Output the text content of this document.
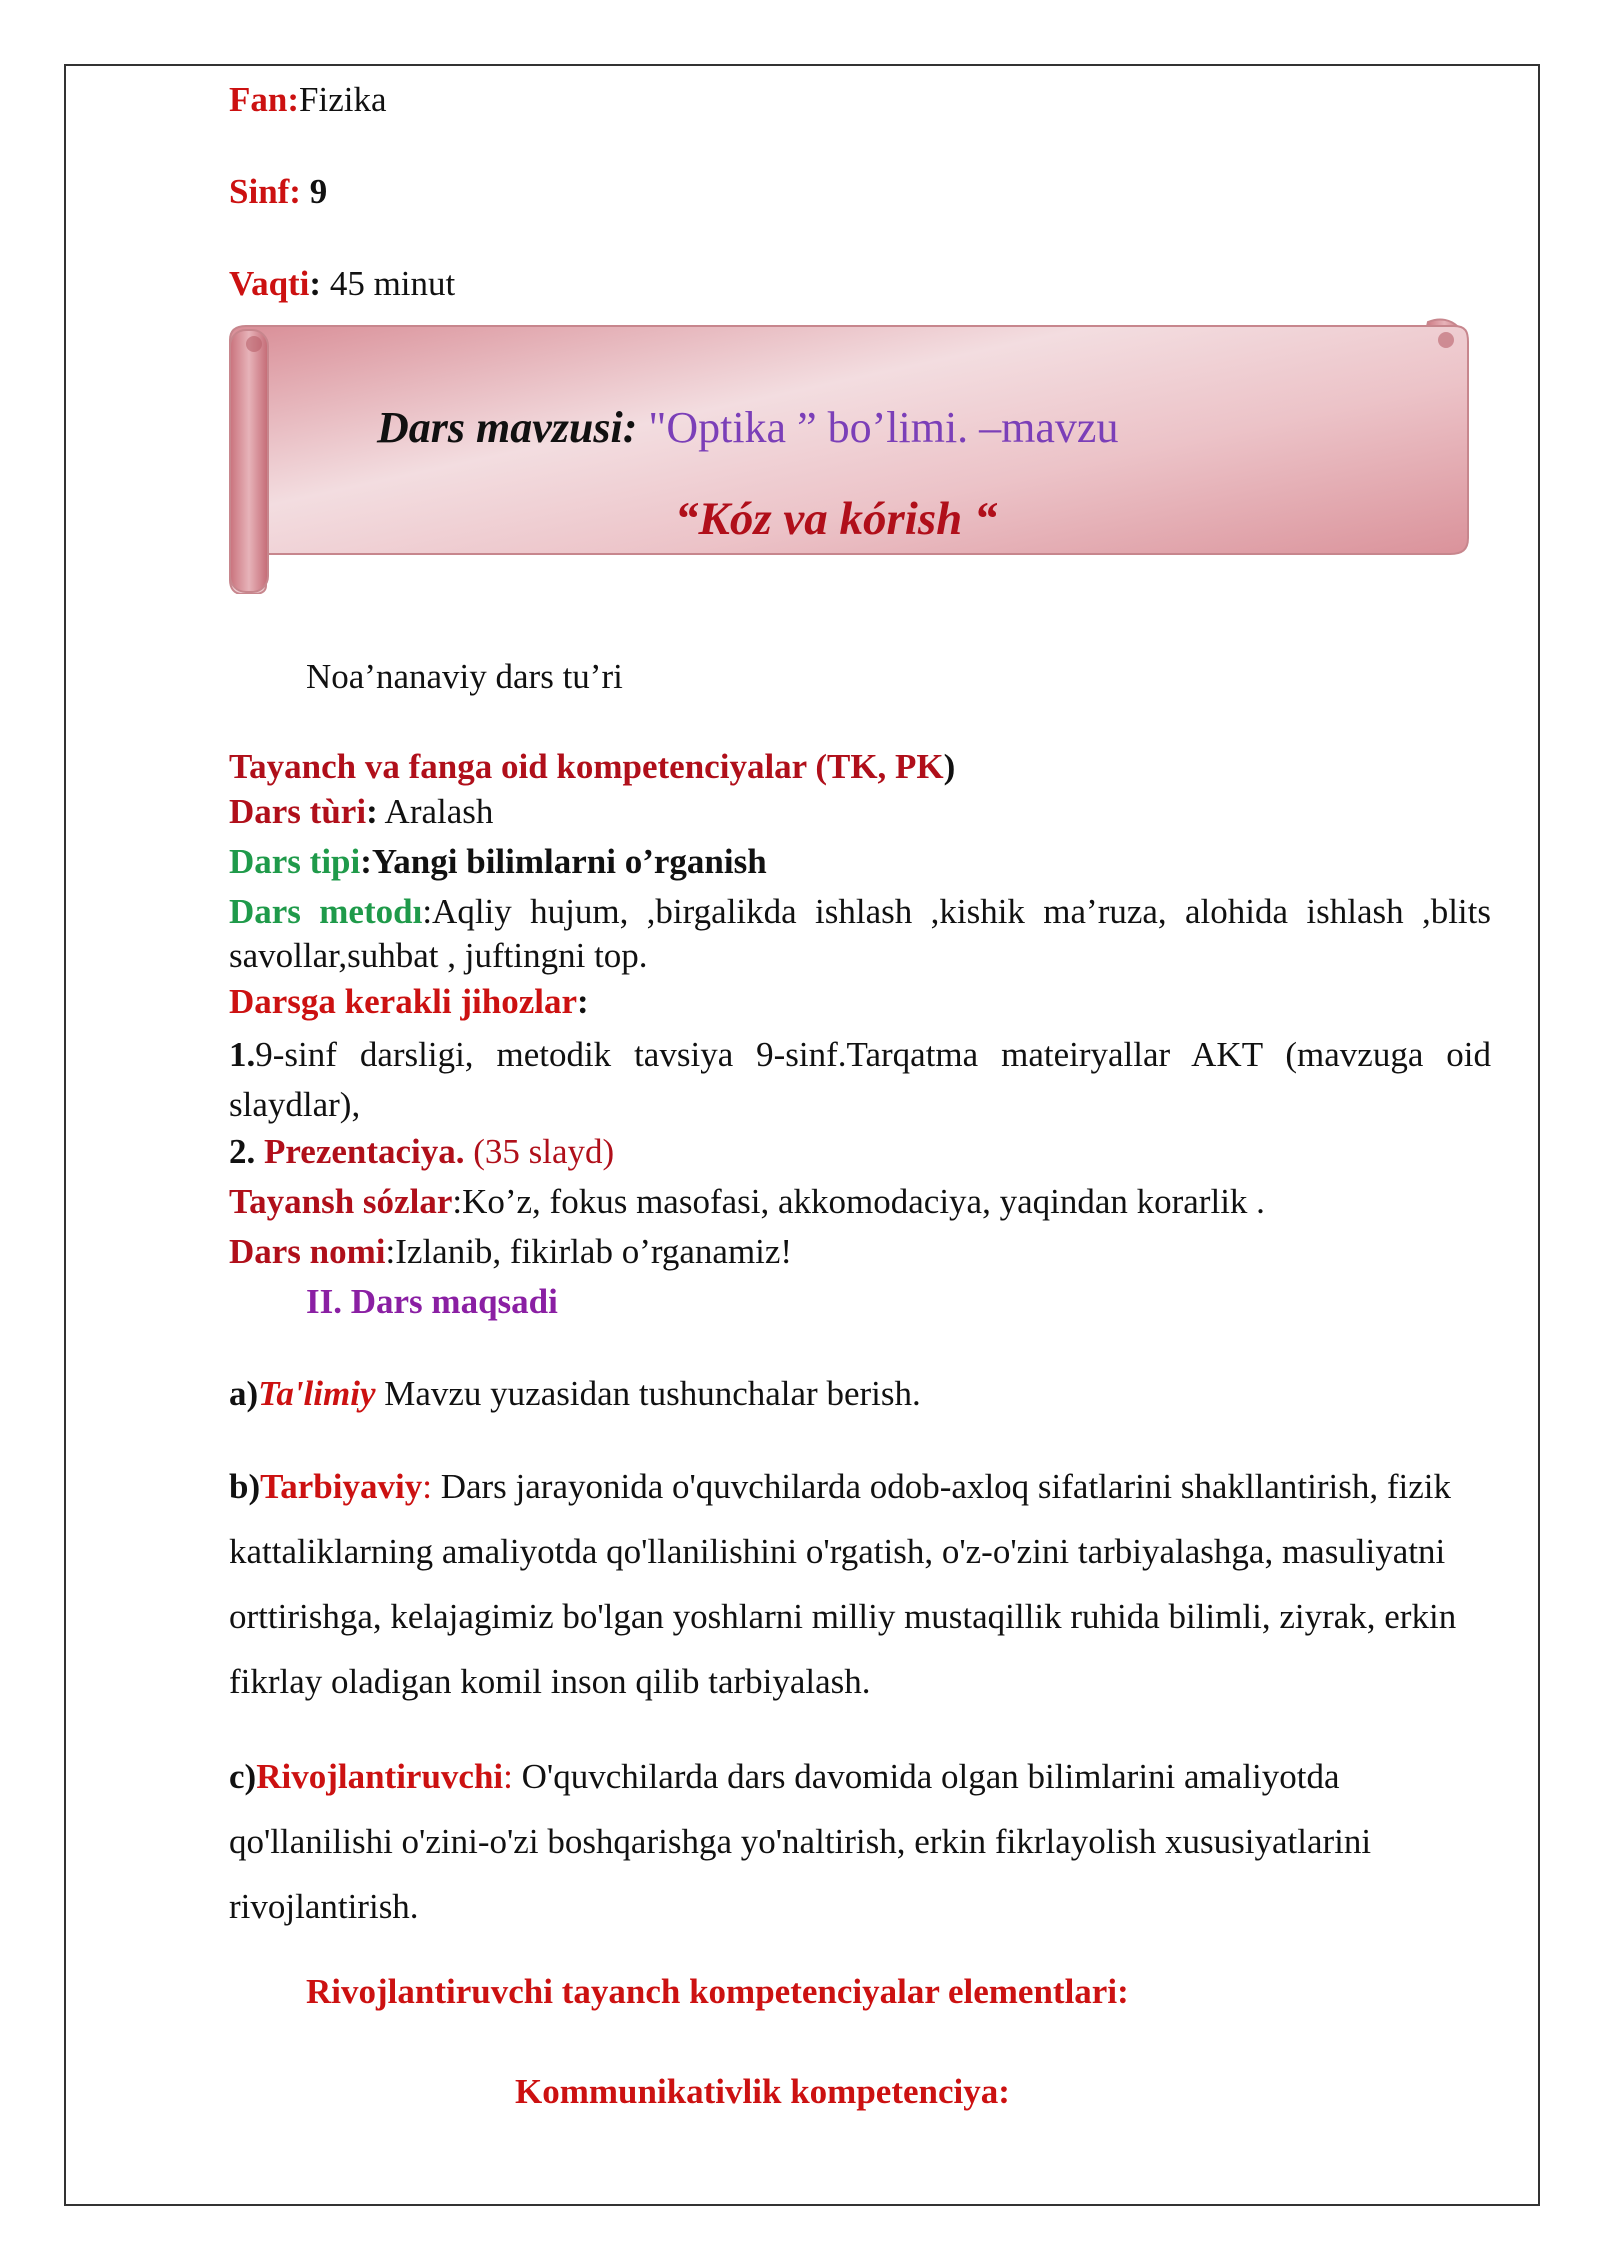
Fan:Fizika
Sinf: 9
Vaqti: 45 minut
Dars mavzusi: "Optika ” bo’limi. –mavzu
“Kóz va kórish “
Noa’nanaviy dars tu’ri
Tayanch va fanga oid kompetenciyalar (TK, PK)
Dars tùri: Aralash
Dars tipi:Yangi bilimlarni o’rganish
Dars metodı:Aqliy hujum, ,birgalikda ishlash ,kishik ma’ruza, alohida ishlash ,blits savollar,suhbat , juftingni top.
Darsga kerakli jihozlar:
1.9-sinf darsligi, metodik tavsiya 9-sinf.Tarqatma mateiryallar AKT (mavzuga oid slaydlar),
2. Prezentaciya. (35 slayd)
Tayansh sózlar:Ko’z, fokus masofasi, akkomodaciya, yaqindan korarlik .
Dars nomi:Izlanib, fikirlab o’rganamiz!
II. Dars maqsadi
a)Ta'limiy Mavzu yuzasidan tushunchalar berish.
b)Tarbiyaviy: Dars jarayonida o'quvchilarda odob-axloq sifatlarini shakllantirish, fizik kattaliklarning amaliyotda qo'llanilishini o'rgatish, o'z-o'zini tarbiyalashga, masuliyatni orttirishga, kelajagimiz bo'lgan yoshlarni milliy mustaqillik ruhida bilimli, ziyrak, erkin fikrlay oladigan komil inson qilib tarbiyalash.
c)Rivojlantiruvchi: O'quvchilarda dars davomida olgan bilimlarini amaliyotda qo'llanilishi o'zini-o'zi boshqarishga yo'naltirish, erkin fikrlayolish xususiyatlarini rivojlantirish.
Rivojlantiruvchi tayanch kompetenciyalar elementlari:
Kommunikativlik kompetenciya:
